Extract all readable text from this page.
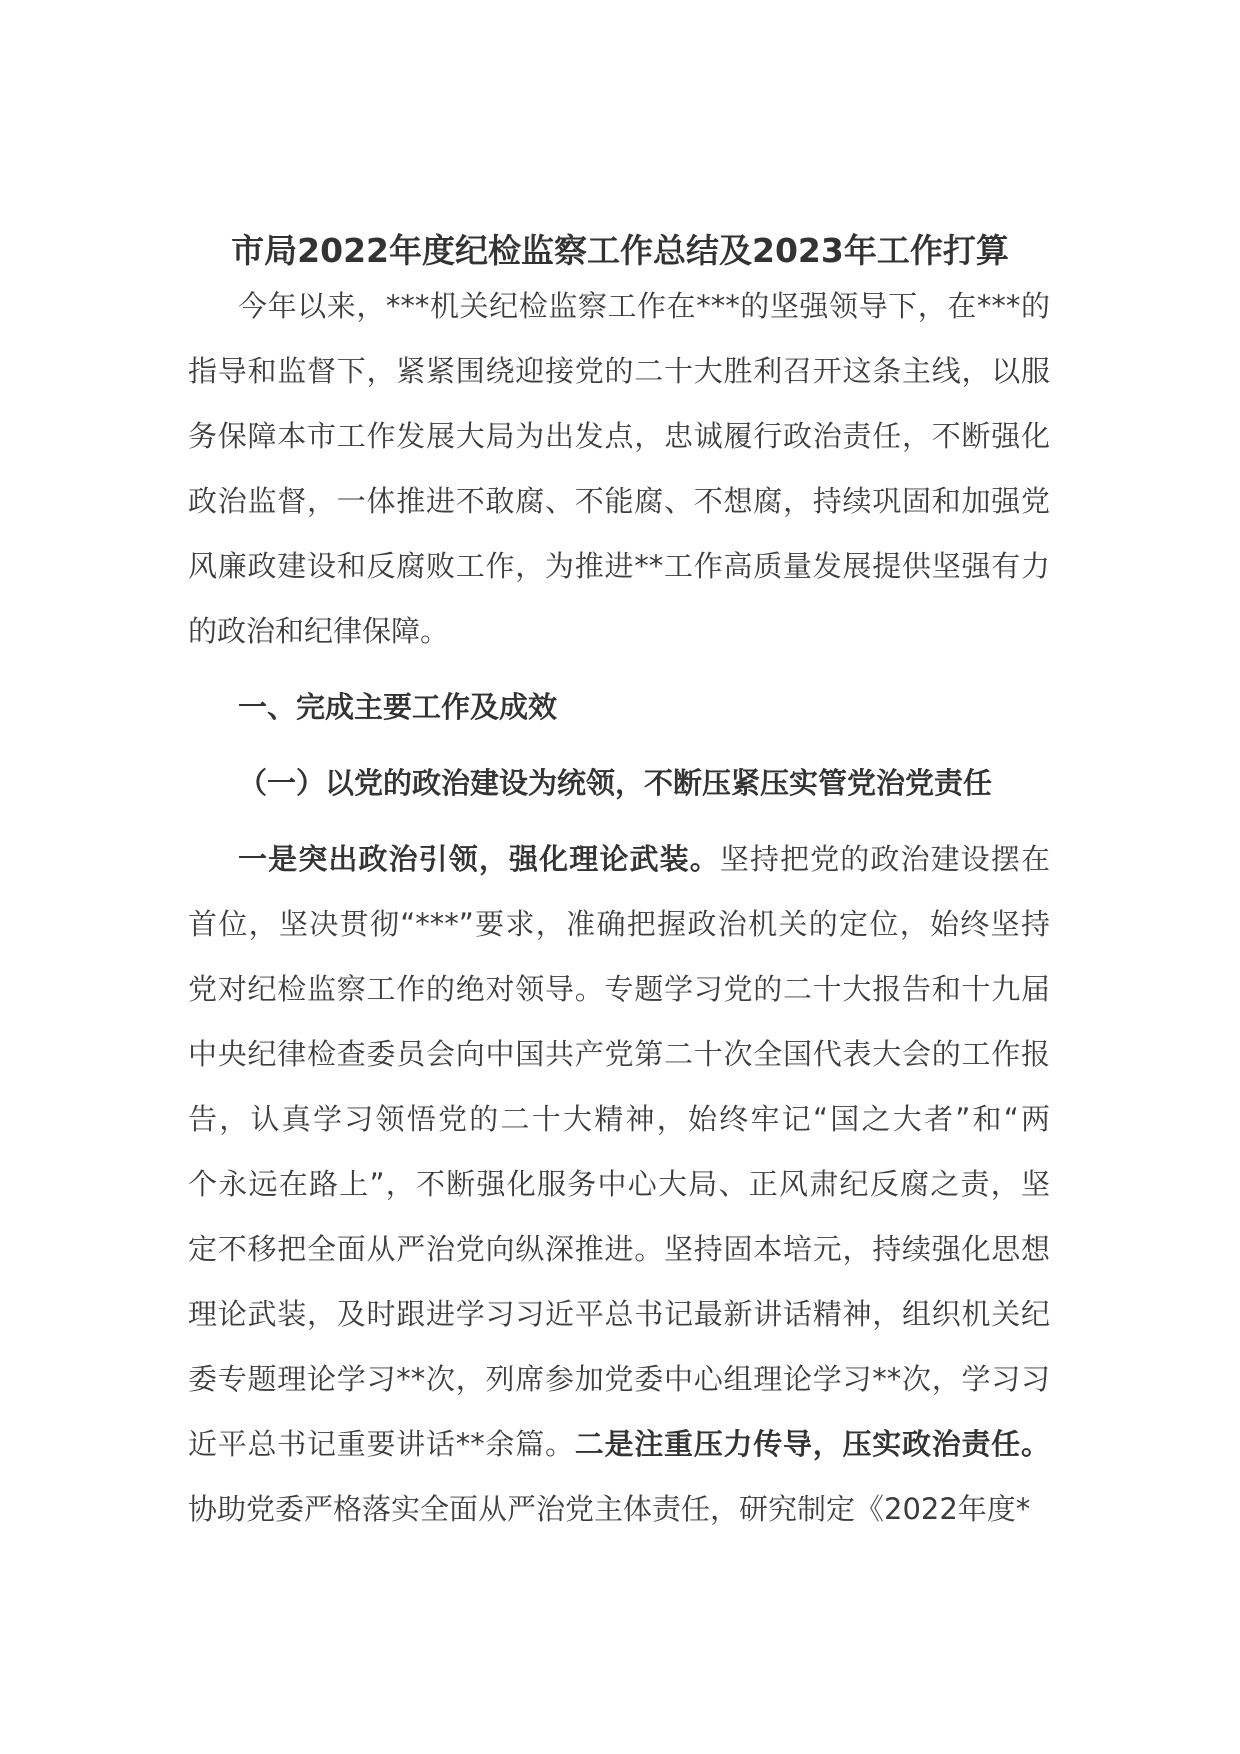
市局2022年度纪检监察工作总结及2023年工作打算
今年以来，***机关纪检监察工作在***的坚强领导下，在***的
指导和监督下，紧紧围绕迎接党的二十大胜利召开这条主线，以服
务保障本市工作发展大局为出发点，忠诚履行政治责任，不断强化
政治监督，一体推进不敢腐、不能腐、不想腐，持续巩固和加强党
风廉政建设和反腐败工作，为推进**工作高质量发展提供坚强有力
的政治和纪律保障。
一、完成主要工作及成效
（一）以党的政治建设为统领，不断压紧压实管党治党责任
一是突出政治引领，强化理论武装。坚持把党的政治建设摆在
首位，坚决贯彻“***”要求，准确把握政治机关的定位，始终坚持
党对纪检监察工作的绝对领导。专题学习党的二十大报告和十九届
中央纪律检查委员会向中国共产党第二十次全国代表大会的工作报
告，认真学习领悟党的二十大精神，始终牢记“国之大者”和“两
个永远在路上”，不断强化服务中心大局、正风肃纪反腐之责，坚
定不移把全面从严治党向纵深推进。坚持固本培元，持续强化思想
理论武装，及时跟进学习习近平总书记最新讲话精神，组织机关纪
委专题理论学习**次，列席参加党委中心组理论学习**次，学习习
近平总书记重要讲话**余篇。二是注重压力传导，压实政治责任。
协助党委严格落实全面从严治党主体责任，研究制定《2022年度*
